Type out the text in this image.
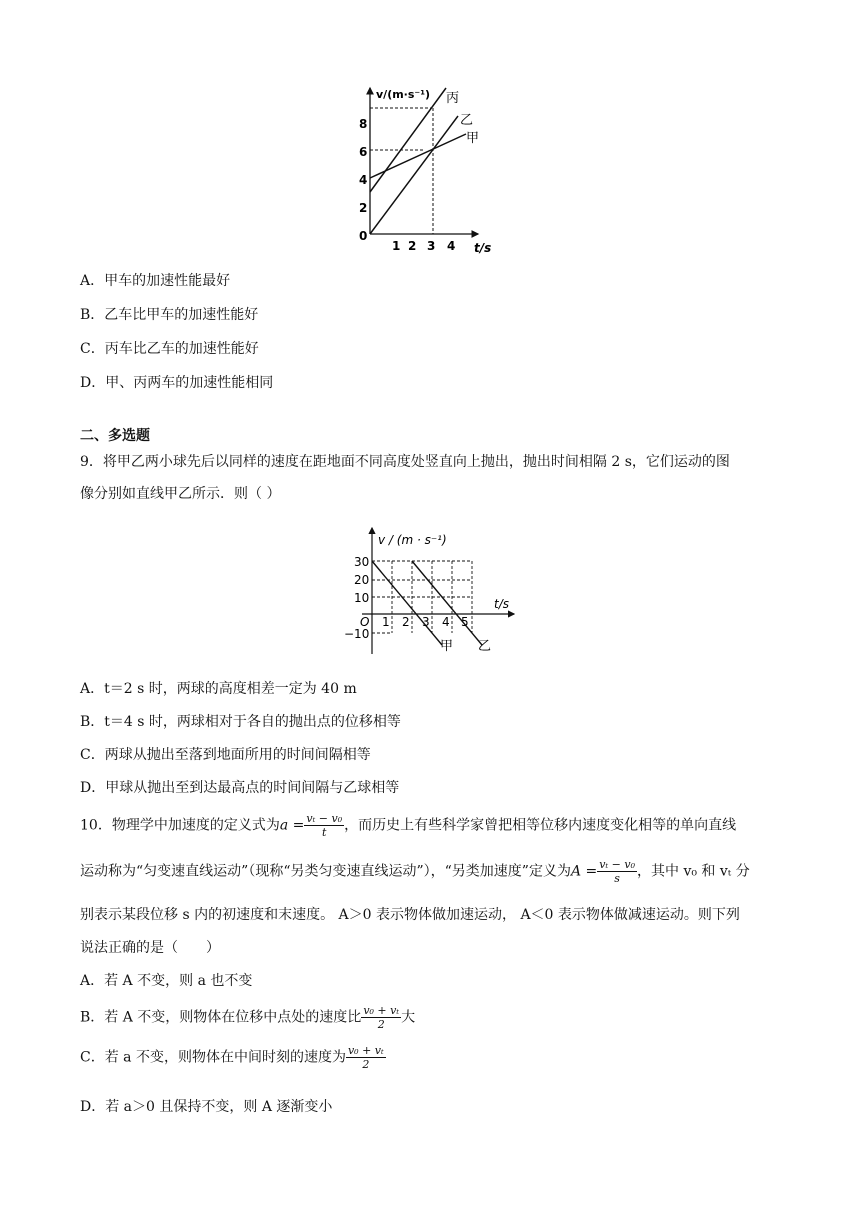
v/(m·s⁻¹)
t/s
0
2
4
6
8
1 2 3 4
丙
乙
甲
A．甲车的加速性能最好
B．乙车比甲车的加速性能好
C．丙车比乙车的加速性能好
D．甲、丙两车的加速性能相同
二、多选题
9．将甲乙两小球先后以同样的速度在距地面不同高度处竖直向上抛出，抛出时间相隔 2 s，它们运动的图
像分别如直线甲乙所示．则（ ）
v / (m · s⁻¹)
t/s
O
30
20
10
−10
1 2 3 4 5
甲 乙
A．t＝2 s 时，两球的高度相差一定为 40 m
B．t＝4 s 时，两球相对于各自的抛出点的位移相等
C．两球从抛出至落到地面所用的时间间隔相等
D．甲球从抛出至到达最高点的时间间隔与乙球相等
10．物理学中加速度的定义式为$a = \frac{\text{vₜ − v₀}}{t}$ ，而历史上有些科学家曾把相等位移内速度变化相等的单向直线
运动称为“匀变速直线运动”（现称“另类匀变速直线运动”），“另类加速度”定义为$A = \frac{\text{vₜ − v₀}}{s}$ ，其中 v₀ 和 vₜ 分
别表示某段位移 s 内的初速度和末速度。 A＞0 表示物体做加速运动， A＜0 表示物体做减速运动。则下列
说法正确的是（　　）
A．若 A 不变，则 a 也不变
B．若 A 不变，则物体在位移中点处的速度比 $\frac{\text{v₀ + vₜ}}{2}$ 大
C．若 a 不变，则物体在中间时刻的速度为 $\frac{\text{v₀ + vₜ}}{2}$
D．若 a＞0 且保持不变，则 A 逐渐变小
